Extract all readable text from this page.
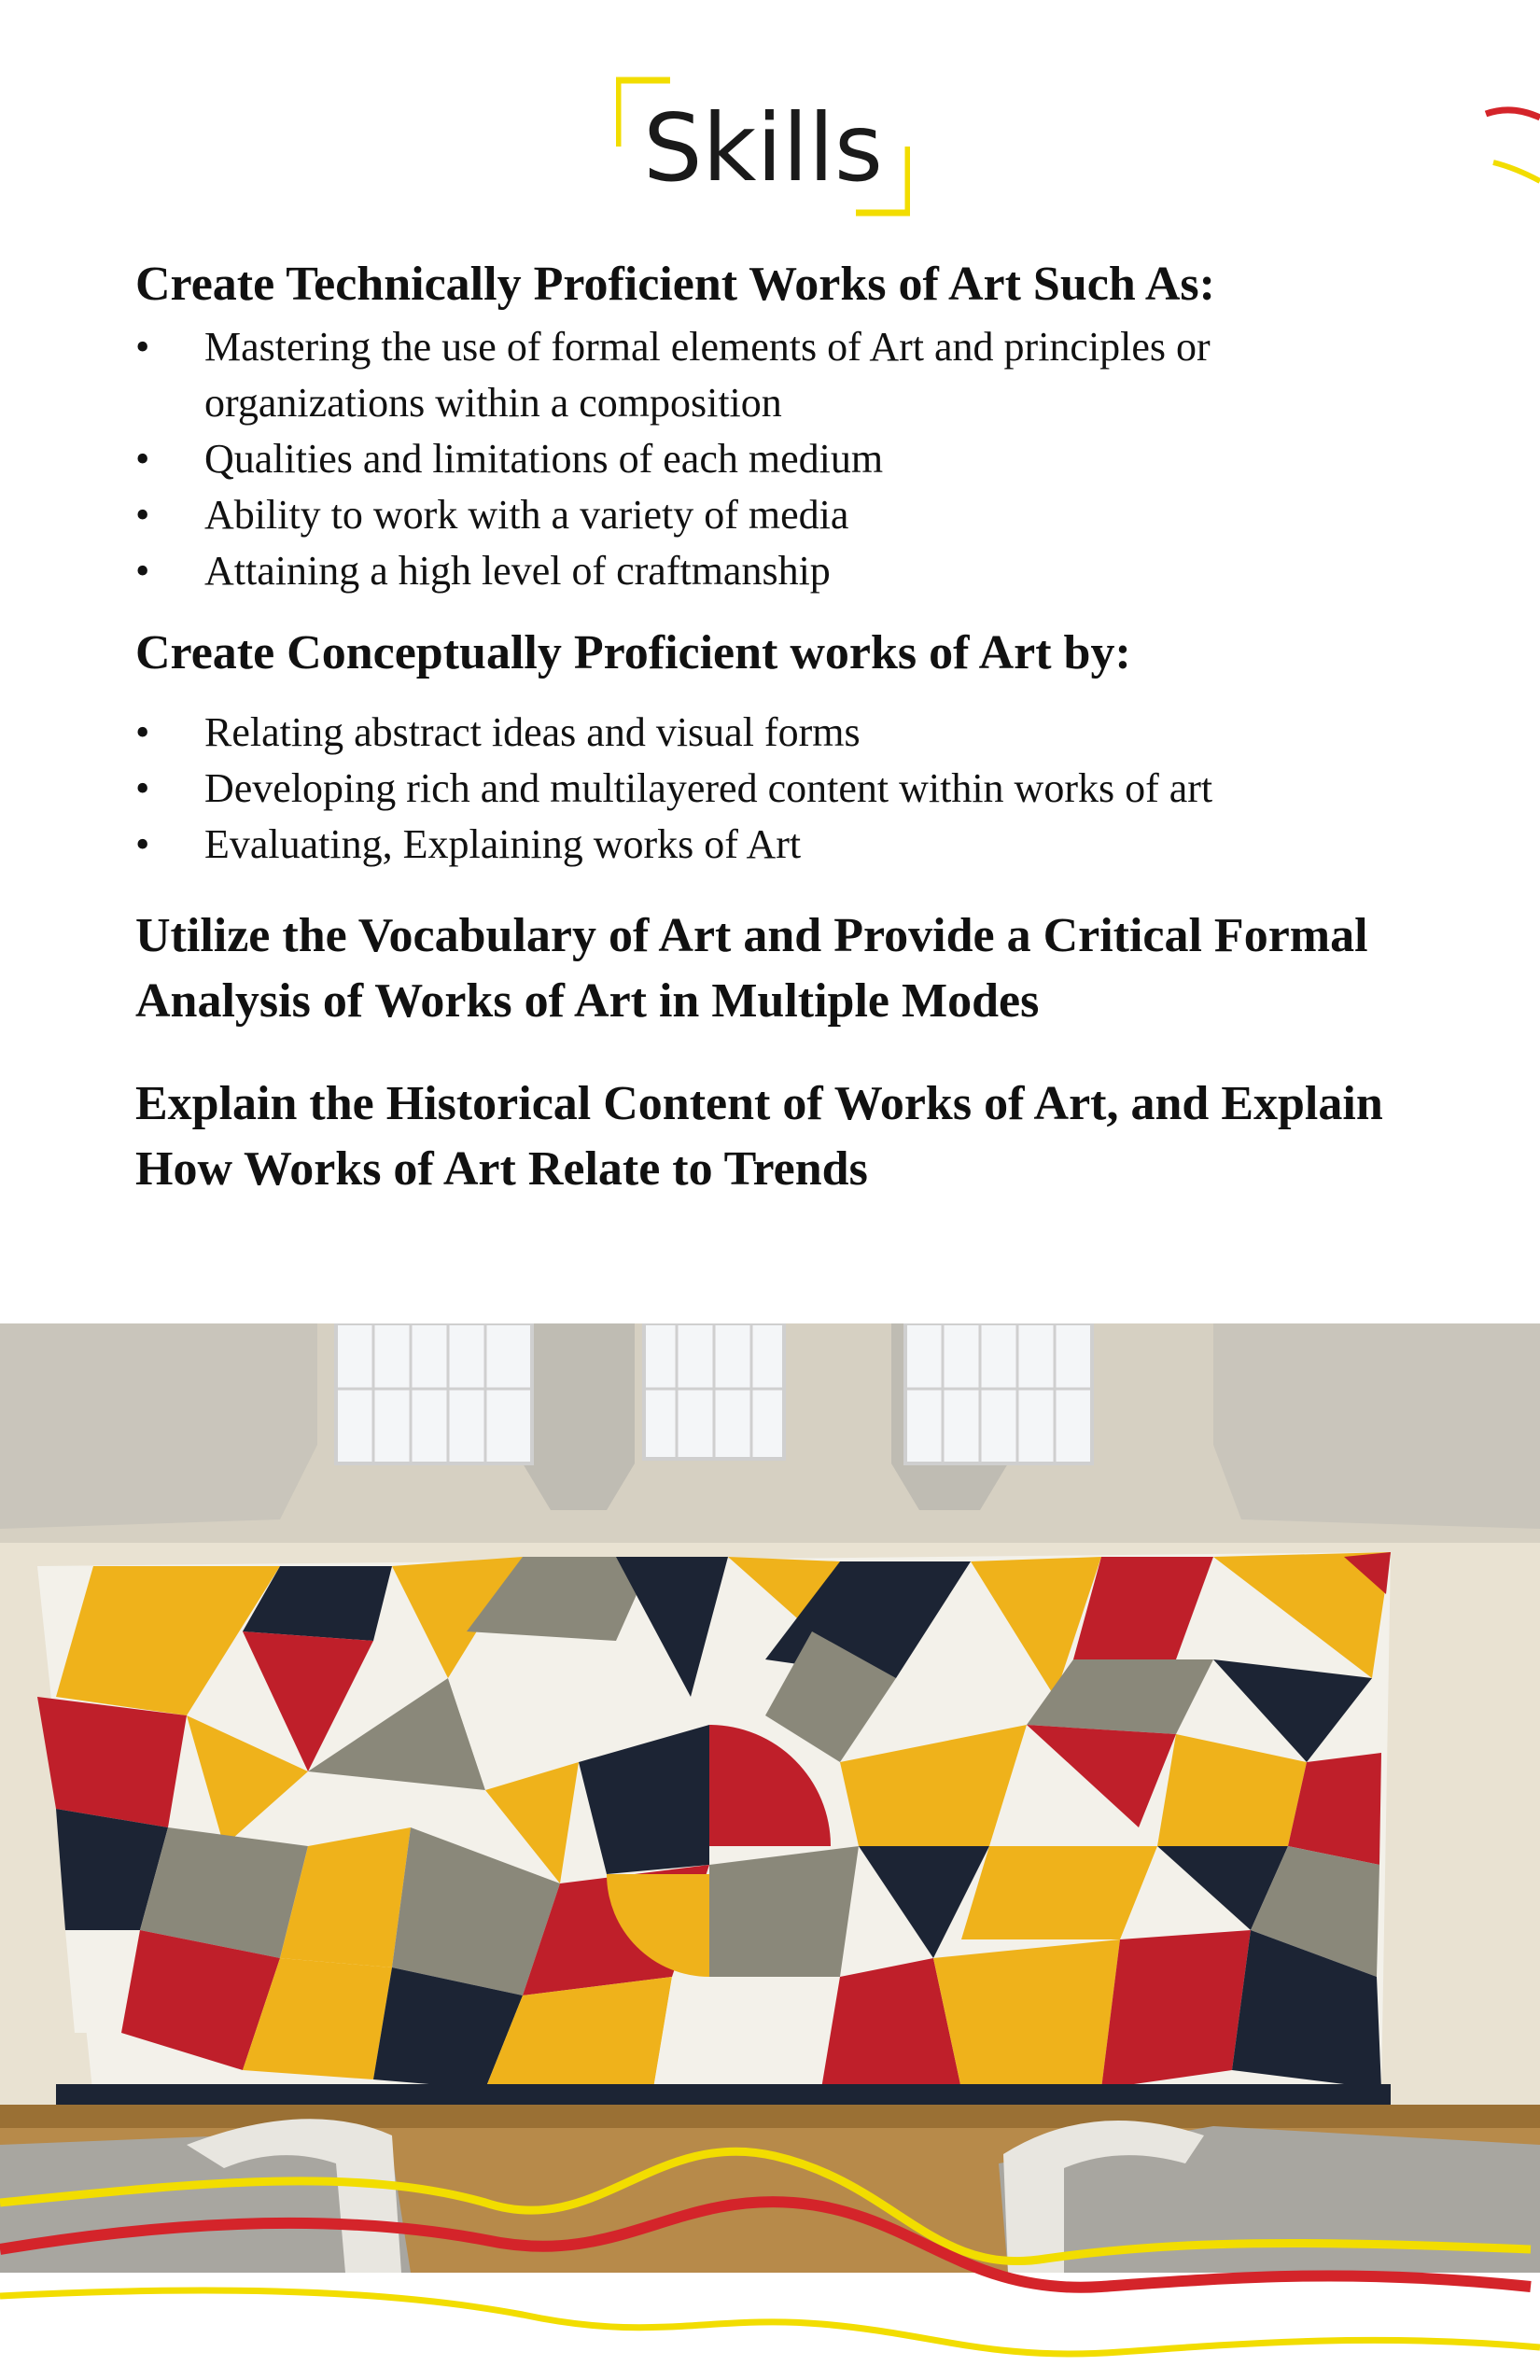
Skills
Create Technically Proficient Works of Art Such As:
• Mastering the use of formal elements of Art and principles or organizations within a composition
• Qualities and limitations of each medium
• Ability to work with a variety of media
• Attaining a high level of craftmanship
Create Conceptually Proficient works of Art by:
• Relating abstract ideas and visual forms
• Developing rich and multilayered content within works of art
• Evaluating, Explaining works of Art
Utilize the Vocabulary of Art and Provide a Critical Formal Analysis of Works of Art in Multiple Modes
Explain the Historical Content of Works of Art, and Explain How Works of Art Relate to Trends
